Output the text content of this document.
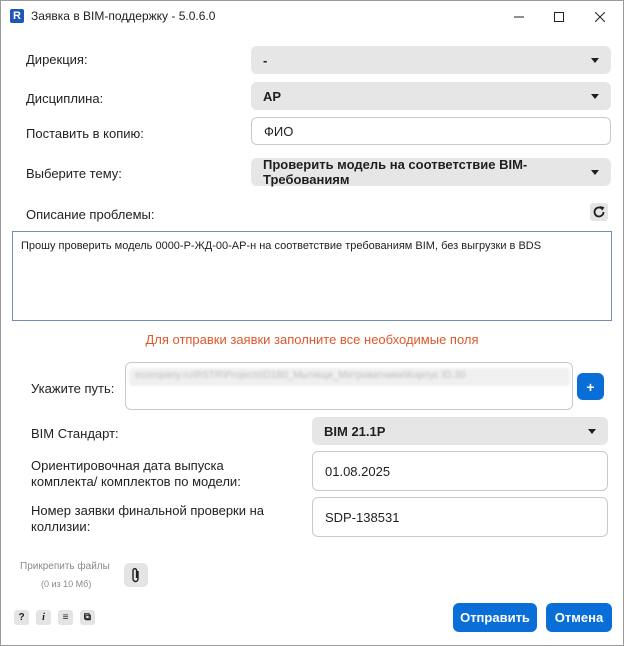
R Заявка в BIM-поддержку - 5.0.6.0
Дирекция:	-
Дисциплина:	АР
Поставить в копию:	ФИО
Выберите тему:
Проверить модель на соответствие BIM-Требованиям
Описание проблемы:
Прошу проверить модель 0000-Р-ЖД-00-АР-н на соответствие требованиям BIM, без выгрузки в BDS
Для отправки заявки заполните все необходимые поля
Укажите путь:
ecompany.ru\RSTR\Projects\D180_Мытищи_Метроватники\Корпус ID.30
+
BIM Стандарт:	BIM 21.1P
Ориентировочная дата выпуска комплекта/ комплектов по модели:
01.08.2025
Номер заявки финальной проверки на коллизии:
SDP-138531
Прикрепить файлы
(0 из 10 Мб)
?	i	≡	⧉	Отправить	Отмена
